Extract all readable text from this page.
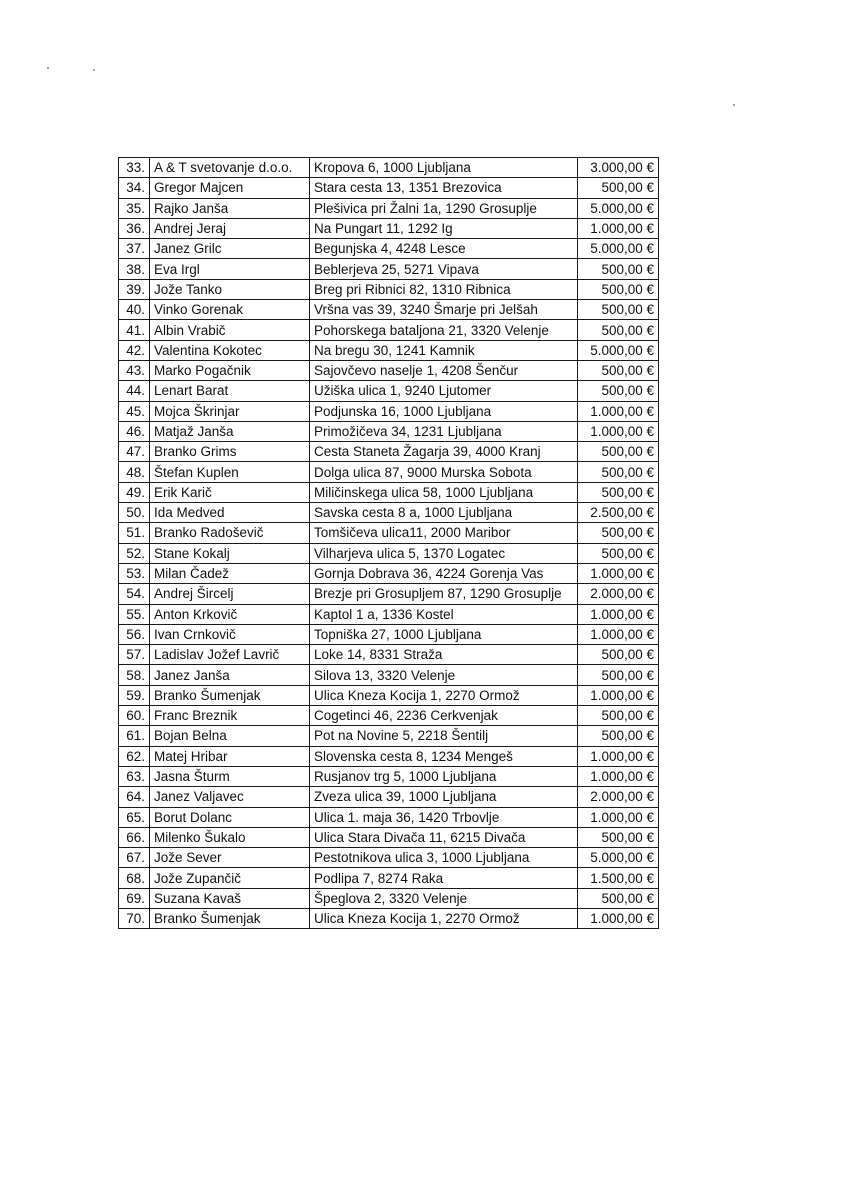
33.	A & T svetovanje d.o.o.	Kropova 6, 1000 Ljubljana	3.000,00 €
34.	Gregor Majcen	Stara cesta 13, 1351 Brezovica	500,00 €
35.	Rajko Janša	Plešivica pri Žalni 1a, 1290 Grosuplje	5.000,00 €
36.	Andrej Jeraj	Na Pungart 11, 1292 Ig	1.000,00 €
37.	Janez Grilc	Begunjska 4, 4248 Lesce	5.000,00 €
38.	Eva Irgl	Beblerjeva 25, 5271 Vipava	500,00 €
39.	Jože Tanko	Breg pri Ribnici 82, 1310 Ribnica	500,00 €
40.	Vinko Gorenak	Vršna vas 39, 3240 Šmarje pri Jelšah	500,00 €
41.	Albin Vrabič	Pohorskega bataljona 21, 3320 Velenje	500,00 €
42.	Valentina Kokotec	Na bregu 30, 1241 Kamnik	5.000,00 €
43.	Marko Pogačnik	Sajovčevo naselje 1, 4208 Šenčur	500,00 €
44.	Lenart Barat	Užiška ulica 1, 9240 Ljutomer	500,00 €
45.	Mojca Škrinjar	Podjunska 16, 1000 Ljubljana	1.000,00 €
46.	Matjaž Janša	Primožičeva 34, 1231 Ljubljana	1.000,00 €
47.	Branko Grims	Cesta Staneta Žagarja 39, 4000 Kranj	500,00 €
48.	Štefan Kuplen	Dolga ulica 87, 9000 Murska Sobota	500,00 €
49.	Erik Karič	Miličinskega ulica 58, 1000 Ljubljana	500,00 €
50.	Ida Medved	Savska cesta 8 a, 1000 Ljubljana	2.500,00 €
51.	Branko Radoševič	Tomšičeva ulica11, 2000 Maribor	500,00 €
52.	Stane Kokalj	Vilharjeva ulica 5, 1370 Logatec	500,00 €
53.	Milan Čadež	Gornja Dobrava 36, 4224 Gorenja Vas	1.000,00 €
54.	Andrej Šircelj	Brezje pri Grosupljem 87, 1290 Grosuplje	2.000,00 €
55.	Anton Krkovič	Kaptol 1 a, 1336 Kostel	1.000,00 €
56.	Ivan Crnkovič	Topniška 27, 1000 Ljubljana	1.000,00 €
57.	Ladislav Jožef Lavrič	Loke 14, 8331 Straža	500,00 €
58.	Janez Janša	Silova 13, 3320 Velenje	500,00 €
59.	Branko Šumenjak	Ulica Kneza Kocija 1, 2270 Ormož	1.000,00 €
60.	Franc Breznik	Cogetinci 46, 2236 Cerkvenjak	500,00 €
61.	Bojan Belna	Pot na Novine 5, 2218 Šentilj	500,00 €
62.	Matej Hribar	Slovenska cesta 8, 1234 Mengeš	1.000,00 €
63.	Jasna Šturm	Rusjanov trg 5, 1000 Ljubljana	1.000,00 €
64.	Janez Valjavec	Zveza ulica 39, 1000 Ljubljana	2.000,00 €
65.	Borut Dolanc	Ulica 1. maja 36, 1420 Trbovlje	1.000,00 €
66.	Milenko Šukalo	Ulica Stara Divača 11, 6215 Divača	500,00 €
67.	Jože Sever	Pestotnikova ulica 3, 1000 Ljubljana	5.000,00 €
68.	Jože Zupančič	Podlipa 7, 8274 Raka	1.500,00 €
69.	Suzana Kavaš	Špeglova 2, 3320 Velenje	500,00 €
70.	Branko Šumenjak	Ulica Kneza Kocija 1, 2270 Ormož	1.000,00 €
